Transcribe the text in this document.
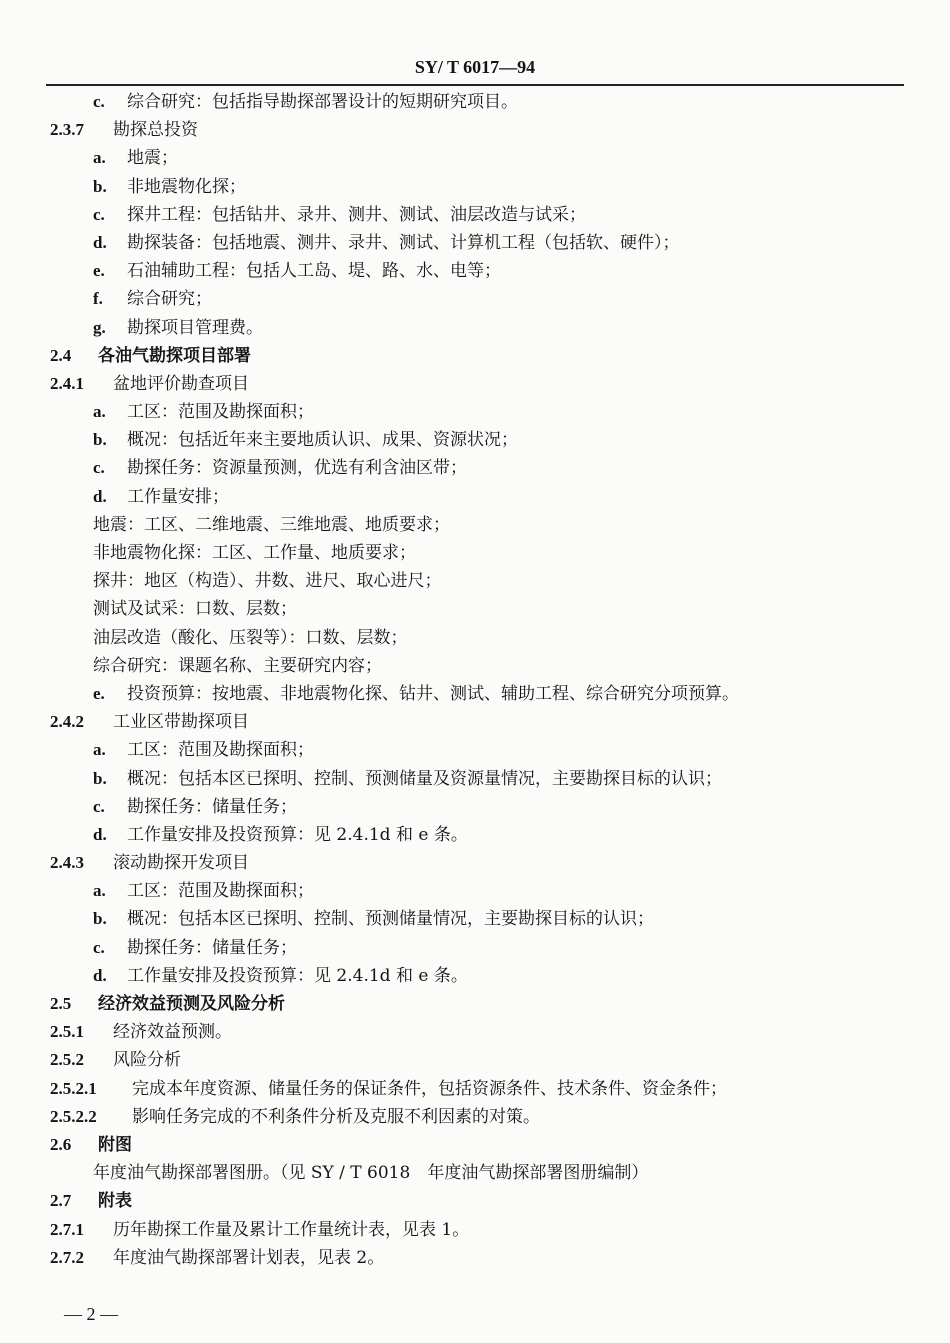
SY/ T 6017—94
c. 综合研究：包括指导勘探部署设计的短期研究项目。
2.3.7 勘探总投资
a. 地震；
b. 非地震物化探；
c. 探井工程：包括钻井、录井、测井、测试、油层改造与试采；
d. 勘探装备：包括地震、测井、录井、测试、计算机工程（包括软、硬件）；
e. 石油辅助工程：包括人工岛、堤、路、水、电等；
f. 综合研究；
g. 勘探项目管理费。
2.4 各油气勘探项目部署
2.4.1 盆地评价勘查项目
a. 工区：范围及勘探面积；
b. 概况：包括近年来主要地质认识、成果、资源状况；
c. 勘探任务：资源量预测，优选有利含油区带；
d. 工作量安排；
地震：工区、二维地震、三维地震、地质要求；
非地震物化探：工区、工作量、地质要求；
探井：地区（构造）、井数、进尺、取心进尺；
测试及试采：口数、层数；
油层改造（酸化、压裂等）：口数、层数；
综合研究：课题名称、主要研究内容；
e. 投资预算：按地震、非地震物化探、钻井、测试、辅助工程、综合研究分项预算。
2.4.2 工业区带勘探项目
a. 工区：范围及勘探面积；
b. 概况：包括本区已探明、控制、预测储量及资源量情况，主要勘探目标的认识；
c. 勘探任务：储量任务；
d. 工作量安排及投资预算：见 2.4.1d 和 e 条。
2.4.3 滚动勘探开发项目
a. 工区：范围及勘探面积；
b. 概况：包括本区已探明、控制、预测储量情况，主要勘探目标的认识；
c. 勘探任务：储量任务；
d. 工作量安排及投资预算：见 2.4.1d 和 e 条。
2.5 经济效益预测及风险分析
2.5.1 经济效益预测。
2.5.2 风险分析
2.5.2.1 完成本年度资源、储量任务的保证条件，包括资源条件、技术条件、资金条件；
2.5.2.2 影响任务完成的不利条件分析及克服不利因素的对策。
2.6 附图
年度油气勘探部署图册。（见 SY / T 6018　年度油气勘探部署图册编制）
2.7 附表
2.7.1 历年勘探工作量及累计工作量统计表，见表 1。
2.7.2 年度油气勘探部署计划表，见表 2。
— 2 —
